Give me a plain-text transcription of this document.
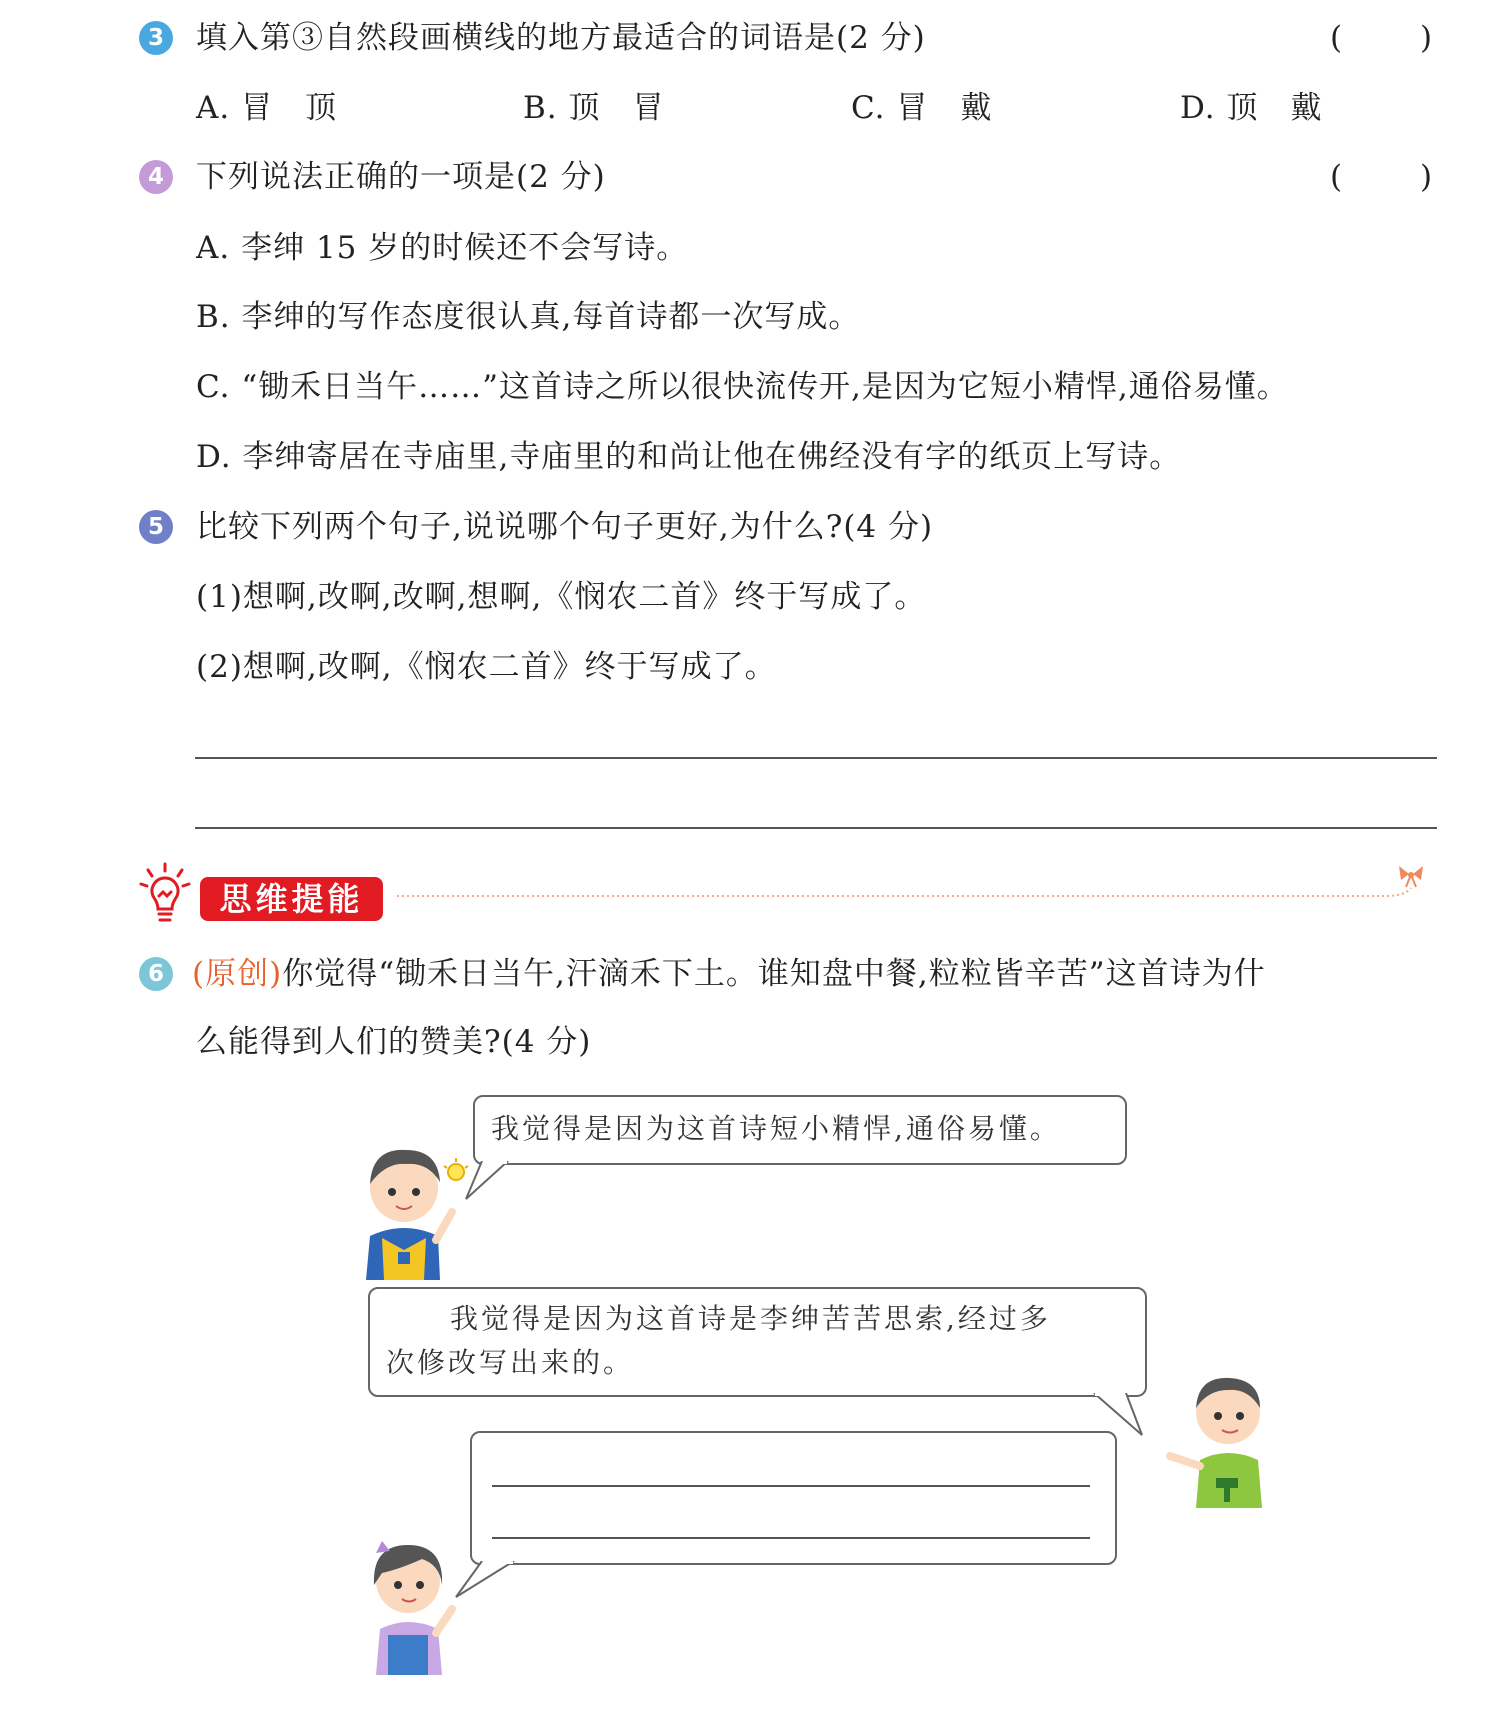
3 填入第③自然段画横线的地方最适合的词语是(2 分)	(	)
A. 冒　顶	B. 顶　冒	C. 冒　戴	D. 顶　戴
4 下列说法正确的一项是(2 分)	(	)
A. 李绅 15 岁的时候还不会写诗。
B. 李绅的写作态度很认真,每首诗都一次写成。
C. “锄禾日当午……”这首诗之所以很快流传开,是因为它短小精悍,通俗易懂。
D. 李绅寄居在寺庙里,寺庙里的和尚让他在佛经没有字的纸页上写诗。
5 比较下列两个句子,说说哪个句子更好,为什么?(4 分)
(1)想啊,改啊,改啊,想啊,《悯农二首》终于写成了。
(2)想啊,改啊,《悯农二首》终于写成了。
思维提能
6 (原创)你觉得“锄禾日当午,汗滴禾下土。谁知盘中餐,粒粒皆辛苦”这首诗为什
么能得到人们的赞美?(4 分)
我觉得是因为这首诗短小精悍,通俗易懂。
我觉得是因为这首诗是李绅苦苦思索,经过多
次修改写出来的。
